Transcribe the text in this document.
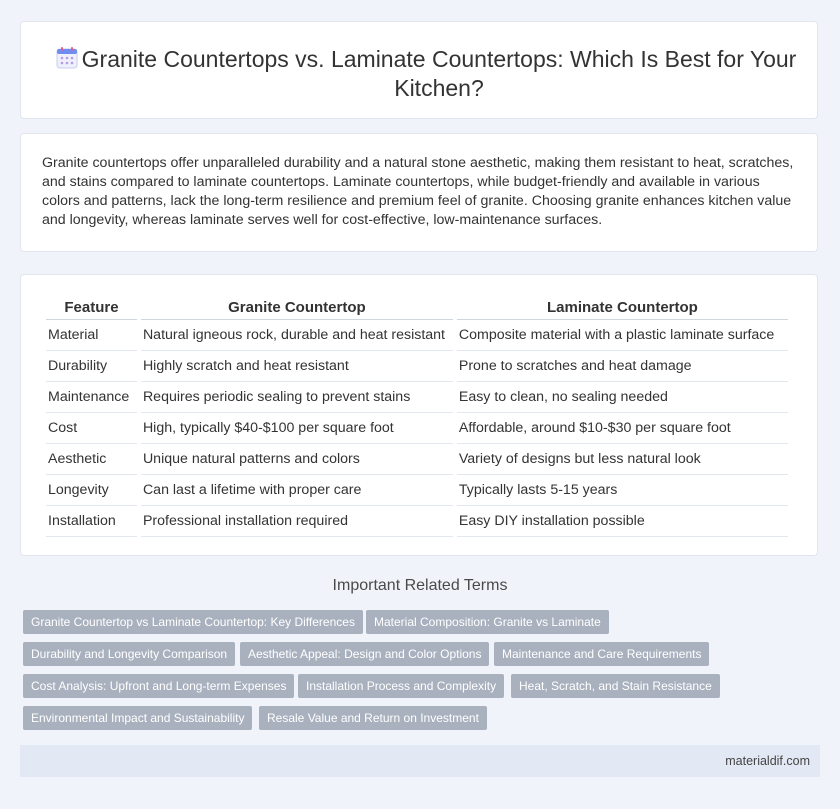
Granite Countertops vs. Laminate Countertops: Which Is Best for Your Kitchen?

Granite countertops offer unparalleled durability and a natural stone aesthetic, making them resistant to heat, scratches, and stains compared to laminate countertops. Laminate countertops, while budget-friendly and available in various colors and patterns, lack the long-term resilience and premium feel of granite. Choosing granite enhances kitchen value and longevity, whereas laminate serves well for cost-effective, low-maintenance surfaces.

Feature	Granite Countertop	Laminate Countertop
Material	Natural igneous rock, durable and heat resistant	Composite material with a plastic laminate surface
Durability	Highly scratch and heat resistant	Prone to scratches and heat damage
Maintenance	Requires periodic sealing to prevent stains	Easy to clean, no sealing needed
Cost	High, typically $40-$100 per square foot	Affordable, around $10-$30 per square foot
Aesthetic	Unique natural patterns and colors	Variety of designs but less natural look
Longevity	Can last a lifetime with proper care	Typically lasts 5-15 years
Installation	Professional installation required	Easy DIY installation possible
Important Related Terms
Granite Countertop vs Laminate Countertop: Key Differences	Material Composition: Granite vs Laminate
Durability and Longevity Comparison	Aesthetic Appeal: Design and Color Options	Maintenance and Care Requirements
Cost Analysis: Upfront and Long-term Expenses	Installation Process and Complexity	Heat, Scratch, and Stain Resistance
Environmental Impact and Sustainability	Resale Value and Return on Investment
materialdif.com
